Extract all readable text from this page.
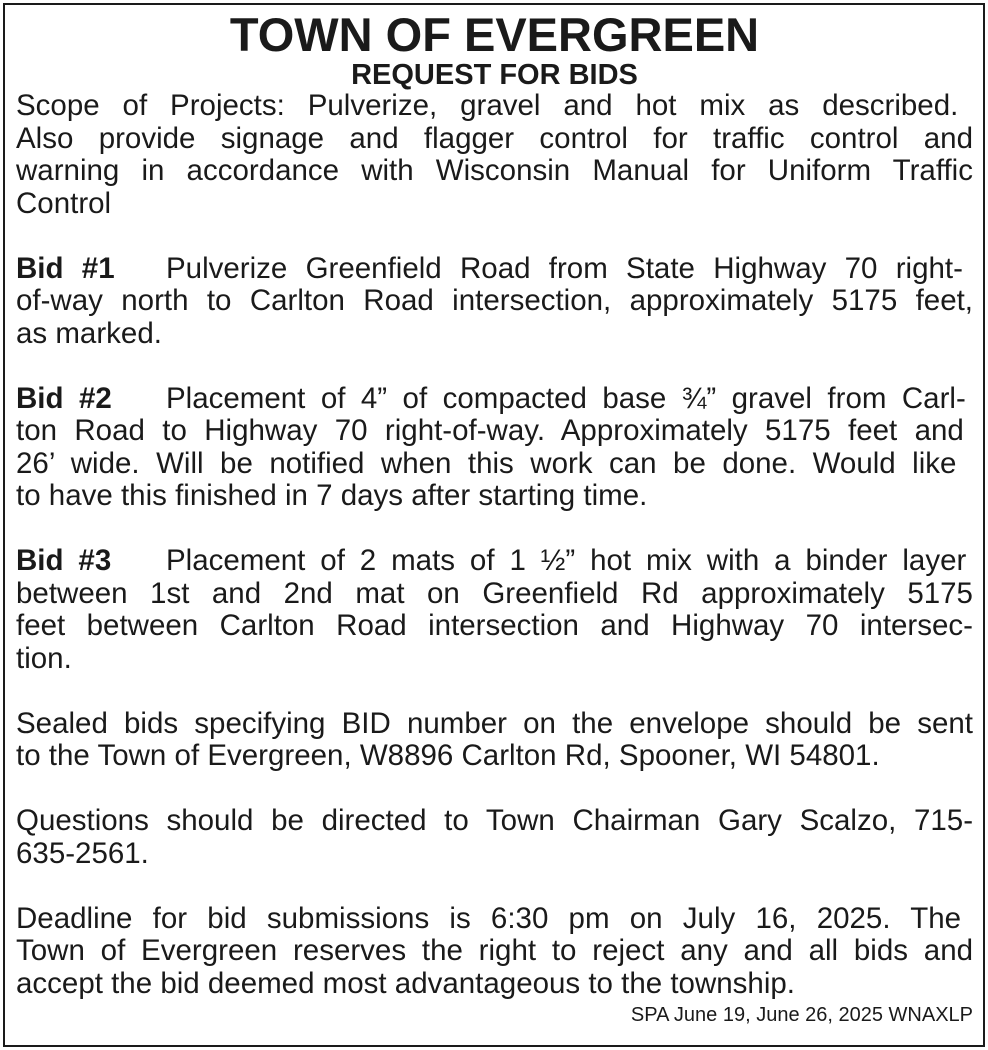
TOWN OF EVERGREEN
REQUEST FOR BIDS
Scope of Projects: Pulverize, gravel and hot mix as described.
Also provide signage and flagger control for traffic control and
warning in accordance with Wisconsin Manual for Uniform Traffic
Control
Bid #1 Pulverize Greenfield Road from State Highway 70 right-
of-way north to Carlton Road intersection, approximately 5175 feet,
as marked.
Bid #2 Placement of 4” of compacted base ¾” gravel from Carl-
ton Road to Highway 70 right-of-way. Approximately 5175 feet and
26’ wide. Will be notified when this work can be done. Would like
to have this finished in 7 days after starting time.
Bid #3 Placement of 2 mats of 1 ½” hot mix with a binder layer
between 1st and 2nd mat on Greenfield Rd approximately 5175
feet between Carlton Road intersection and Highway 70 intersec-
tion.
Sealed bids specifying BID number on the envelope should be sent
to the Town of Evergreen, W8896 Carlton Rd, Spooner, WI 54801.
Questions should be directed to Town Chairman Gary Scalzo, 715-
635-2561.
Deadline for bid submissions is 6:30 pm on July 16, 2025. The
Town of Evergreen reserves the right to reject any and all bids and
accept the bid deemed most advantageous to the township.
SPA June 19, June 26, 2025 WNAXLP
